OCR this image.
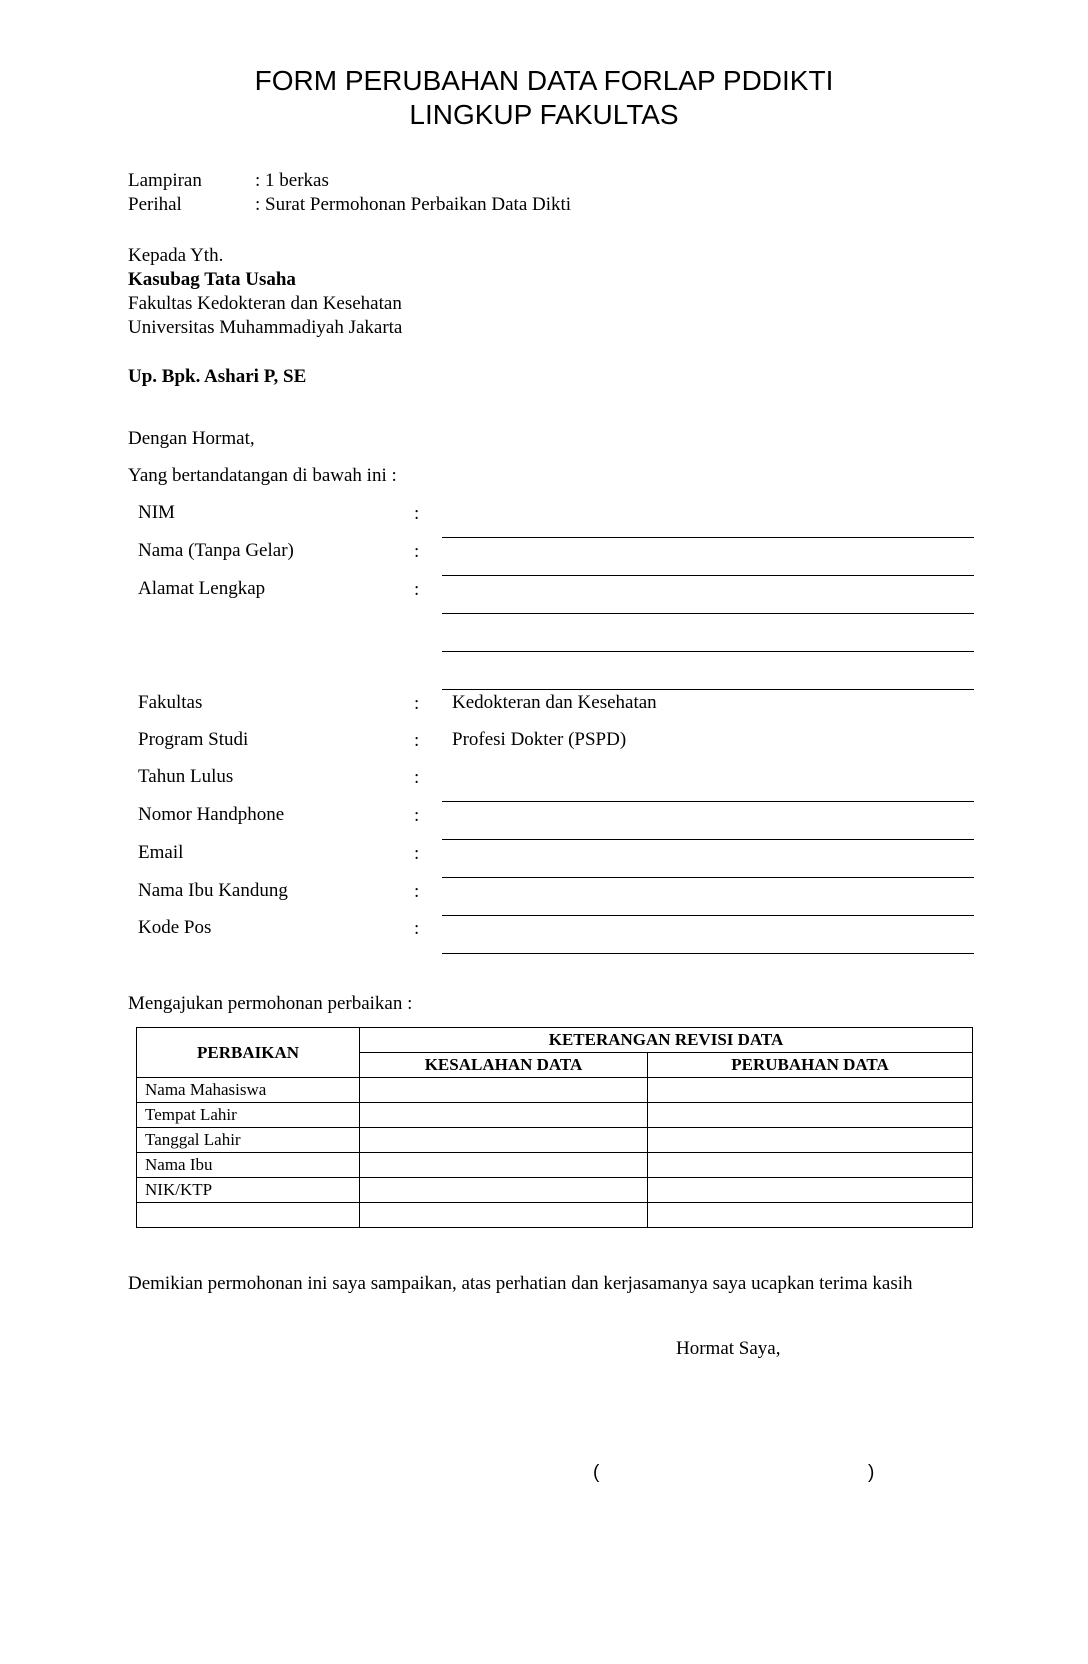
FORM PERUBAHAN DATA FORLAP PDDIKTI
LINGKUP FAKULTAS
Lampiran	: 1 berkas
Perihal	: Surat Permohonan Perbaikan Data Dikti
Kepada Yth.
Kasubag Tata Usaha
Fakultas Kedokteran dan Kesehatan
Universitas Muhammadiyah Jakarta
Up. Bpk. Ashari P, SE
Dengan Hormat,
Yang bertandatangan di bawah ini :
NIM	:
Nama (Tanpa Gelar)	:
Alamat Lengkap	:
Fakultas	: Kedokteran dan Kesehatan
Program Studi	: Profesi Dokter (PSPD)
Tahun Lulus	:
Nomor Handphone	:
Email	:
Nama Ibu Kandung	:
Kode Pos	:
Mengajukan permohonan perbaikan :
PERBAIKAN	KETERANGAN REVISI DATA	
	KESALAHAN DATA	PERUBAHAN DATA
Nama Mahasiswa		
Tempat Lahir		
Tanggal Lahir		
Nama Ibu		
NIK/KTP		

Demikian permohonan ini saya sampaikan, atas perhatian dan kerjasamanya saya ucapkan terima kasih
Hormat Saya,
(	)
